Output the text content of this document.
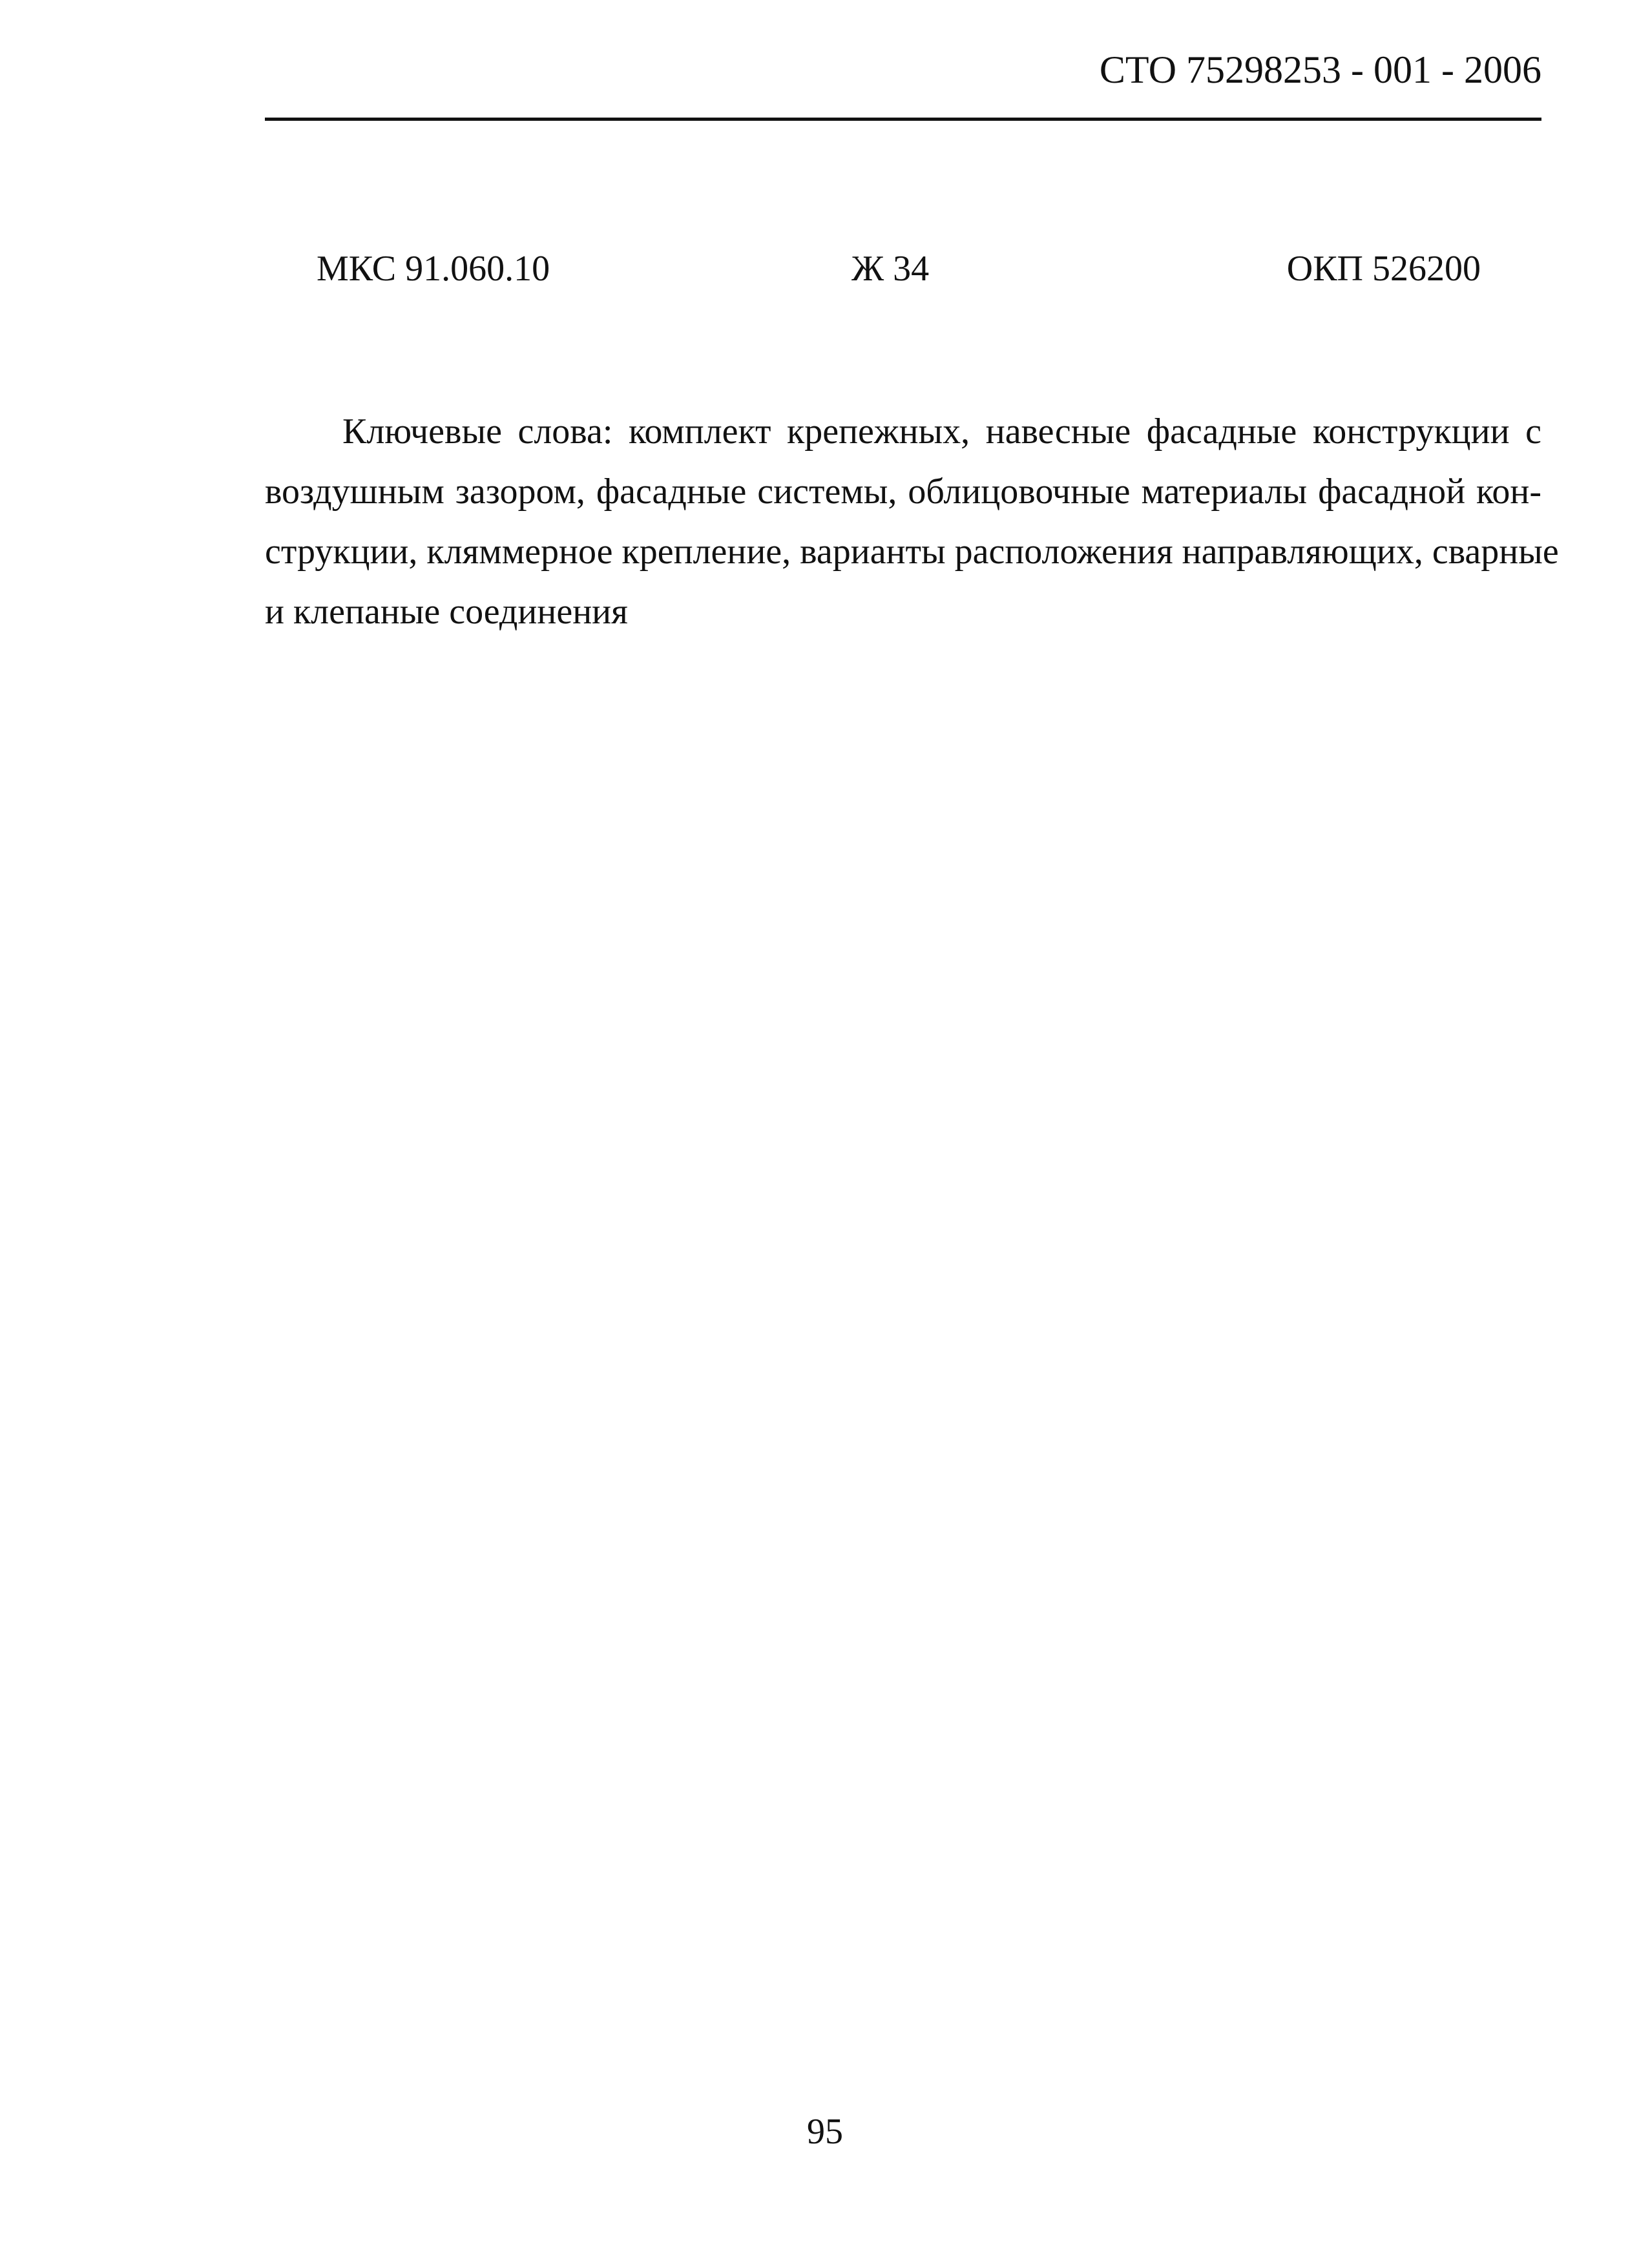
СТО 75298253 - 001 - 2006
МКС 91.060.10	Ж 34	ОКП 526200

Ключевые слова: комплект крепежных, навесные фасадные конструкции с
воздушным зазором, фасадные системы, облицовочные материалы фасадной кон-
струкции, кляммерное крепление, варианты расположения направляющих, сварные
и клепаные соединения

95
